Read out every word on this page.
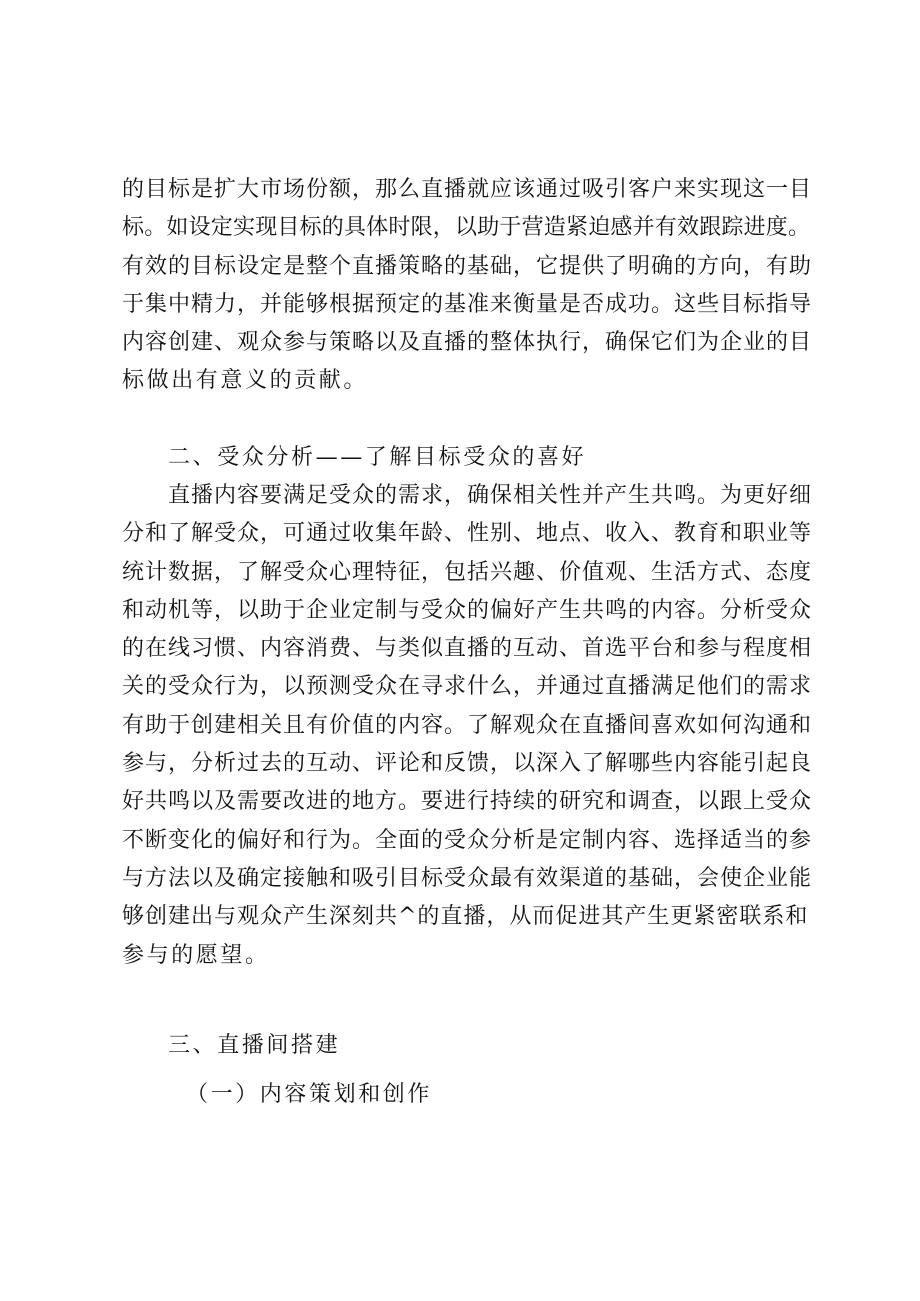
的目标是扩大市场份额，那么直播就应该通过吸引客户来实现这一目
标。如设定实现目标的具体时限，以助于营造紧迫感并有效跟踪进度。
有效的目标设定是整个直播策略的基础，它提供了明确的方向，有助
于集中精力，并能够根据预定的基准来衡量是否成功。这些目标指导
内容创建、观众参与策略以及直播的整体执行，确保它们为企业的目
标做出有意义的贡献。
二、受众分析——了解目标受众的喜好
　　直播内容要满足受众的需求，确保相关性并产生共鸣。为更好细
分和了解受众，可通过收集年龄、性别、地点、收入、教育和职业等
统计数据，了解受众心理特征，包括兴趣、价值观、生活方式、态度
和动机等，以助于企业定制与受众的偏好产生共鸣的内容。分析受众
的在线习惯、内容消费、与类似直播的互动、首选平台和参与程度相
关的受众行为，以预测受众在寻求什么，并通过直播满足他们的需求
有助于创建相关且有价值的内容。了解观众在直播间喜欢如何沟通和
参与，分析过去的互动、评论和反馈，以深入了解哪些内容能引起良
好共鸣以及需要改进的地方。要进行持续的研究和调查，以跟上受众
不断变化的偏好和行为。全面的受众分析是定制内容、选择适当的参
与方法以及确定接触和吸引目标受众最有效渠道的基础，会使企业能
够创建出与观众产生深刻共^的直播，从而促进其产生更紧密联系和
参与的愿望。
三、直播间搭建
（一）内容策划和创作
